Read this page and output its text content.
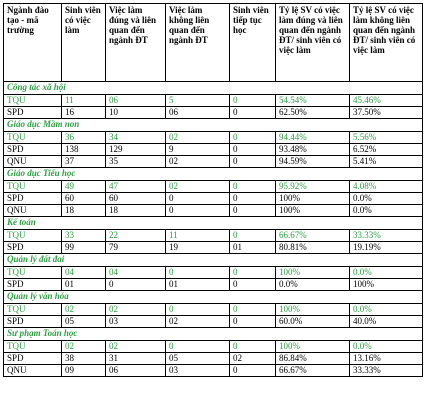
Ngành đào tạo - mã trường	Sinh viên có việc làm	Việc làm đúng và liên quan đến ngành ĐT	Việc làm không liên quan đến ngành ĐT	Sinh viên tiếp tục học	Tỷ lệ SV có việc làm đúng và liên quan đến ngành ĐT/ sinh viên có việc làm	Tỷ lệ SV có việc làm không liên quan đến ngành ĐT/ sinh viên có việc làm
Công tác xã hội						
TQU	11	06	5	0	54.54%	45.46%
SPD	16	10	06	0	62.50%	37.50%
Giáo dục Mầm non						
TQU	36	34	02	0	94.44%	5.56%
SPD	138	129	9	0	93.48%	6.52%
QNU	37	35	02	0	94.59%	5.41%
Giáo dục Tiểu học						
TQU	49	47	02	0	95.92%	4.08%
SPD	60	60	0	0	100%	0.0%
QNU	18	18	0	0	100%	0.0%
Kế toán						
TQU	33	22	11	0	66.67%	33.33%
SPD	99	79	19	01	80.81%	19.19%
Quản lý đất đai						
TQU	04	04	0	0	100%	0.0%
SPD	01	0	01	0	0.0%	100%
Quản lý văn hóa						
TQU	02	02	0	0	100%	0.0%
SPD	05	03	02	0	60.0%	40.0%
Sư phạm Toán học						
TQU	02	02	0	0	100%	0.0%
SPD	38	31	05	02	86.84%	13.16%
QNU	09	06	03	0	66.67%	33.33%
